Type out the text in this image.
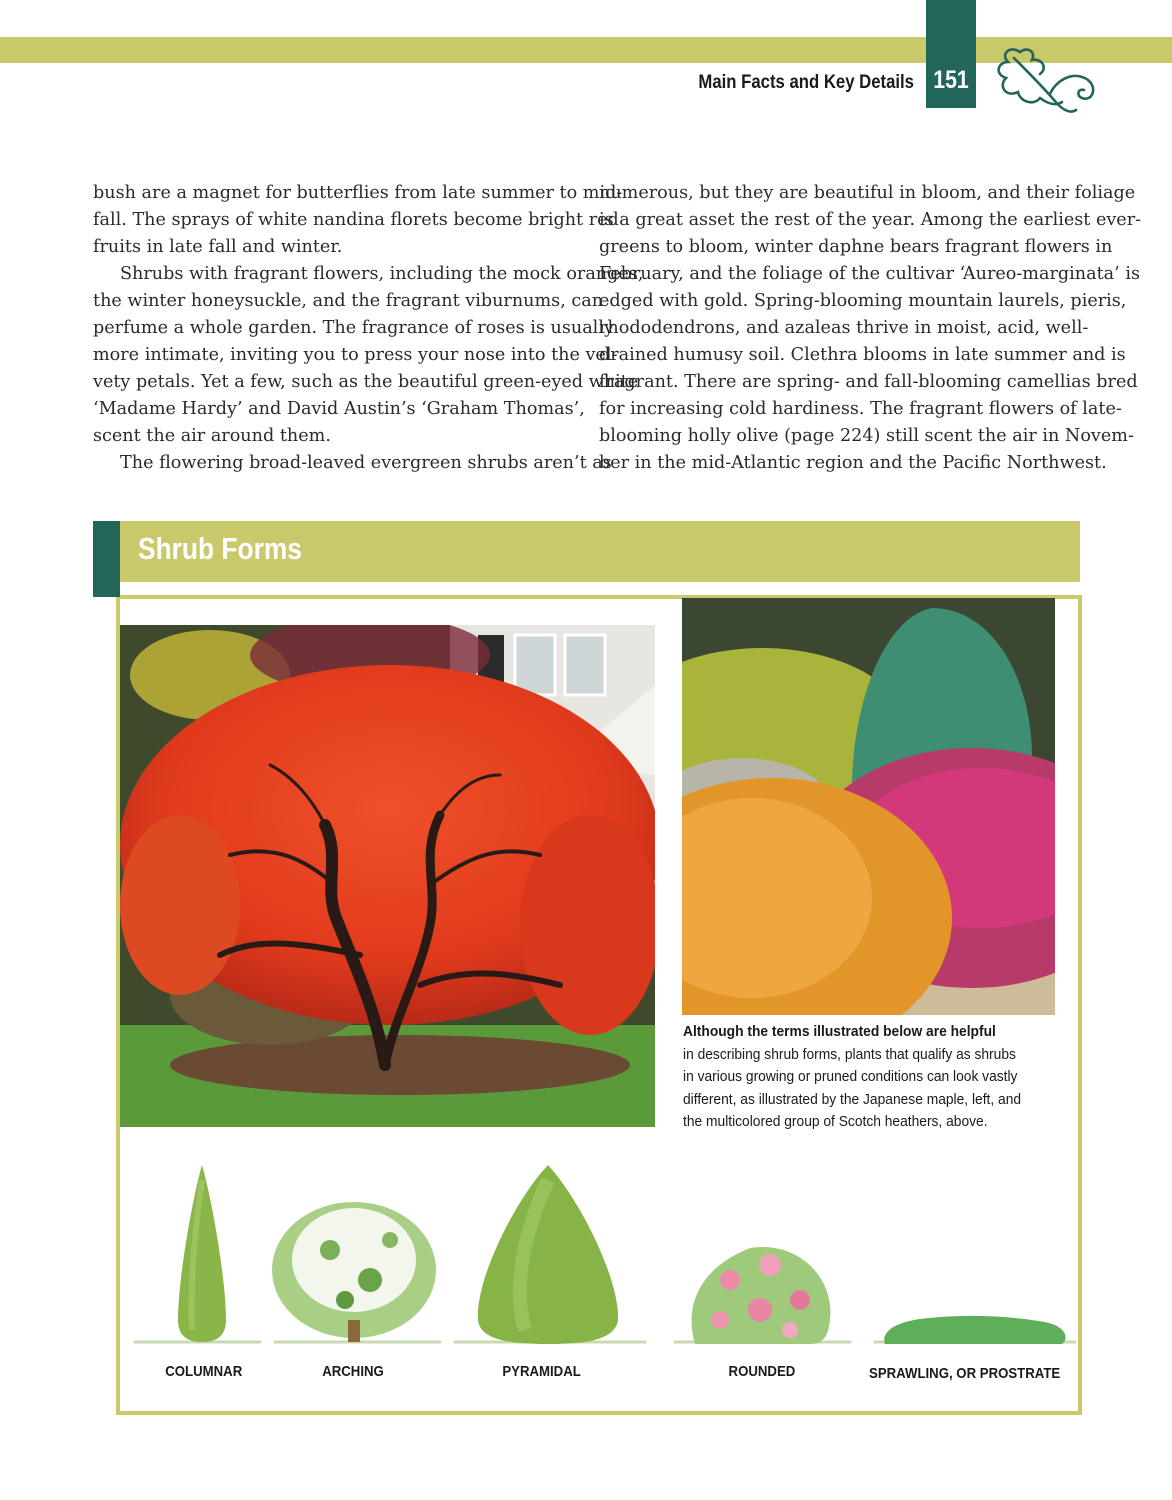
151
Main Facts and Key Details

bush are a magnet for butterflies from late summer to mid-
fall. The sprays of white nandina florets become bright red
fruits in late fall and winter.

Shrubs with fragrant flowers, including the mock oranges,
the winter honeysuckle, and the fragrant viburnums, can
perfume a whole garden. The fragrance of roses is usually
more intimate, inviting you to press your nose into the vel-
vety petals. Yet a few, such as the beautiful green-eyed white
‘Madame Hardy’ and David Austin’s ‘Graham Thomas’,
scent the air around them.

The flowering broad-leaved evergreen shrubs aren’t as

numerous, but they are beautiful in bloom, and their foliage
is a great asset the rest of the year. Among the earliest ever-
greens to bloom, winter daphne bears fragrant flowers in
February, and the foliage of the cultivar ‘Aureo-marginata’ is
edged with gold. Spring-blooming mountain laurels, pieris,
rhododendrons, and azaleas thrive in moist, acid, well-
drained humusy soil. Clethra blooms in late summer and is
fragrant. There are spring- and fall-blooming camellias bred
for increasing cold hardiness. The fragrant flowers of late-
blooming holly olive (page 224) still scent the air in Novem-
ber in the mid-Atlantic region and the Pacific Northwest.

Shrub Forms
Although the terms illustrated below are helpful
in describing shrub forms, plants that qualify as shrubs
in various growing or pruned conditions can look vastly
different, as illustrated by the Japanese maple, left, and
the multicolored group of Scotch heathers, above.
COLUMNAR	ARCHING	PYRAMIDAL	ROUNDED	SPRAWLING, OR PROSTRATE
